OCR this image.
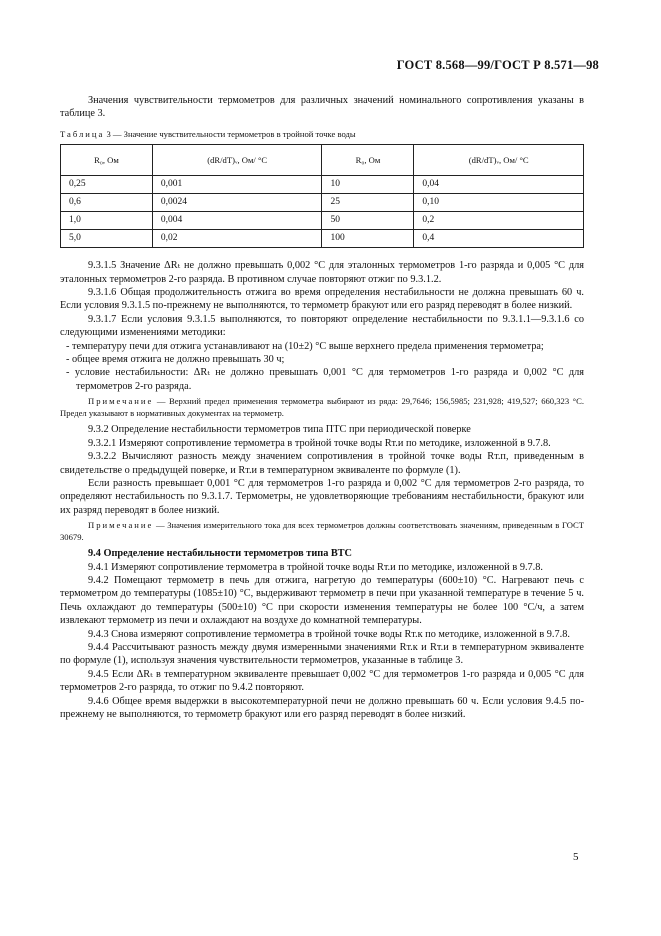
ГОСТ 8.568—99/ГОСТ Р 8.571—98

Значения чувствительности термометров для различных значений номинального сопротивления указаны в таблице 3.

Таблица 3 — Значение чувствительности термометров в тройной точке воды
R₀, Ом	(dR/dT)ᵥ, Ом/ °С	R₀, Ом	(dR/dT)ᵥ, Ом/ °С
0,25	0,001	10	0,04
0,6	0,0024	25	0,10
1,0	0,004	50	0,2
5,0	0,02	100	0,4

9.3.1.5 Значение ΔRₜ не должно превышать 0,002 °С для эталонных термометров 1-го разряда и 0,005 °С для эталонных термометров 2-го разряда. В противном случае повторяют отжиг по 9.3.1.2.

9.3.1.6 Общая продолжительность отжига во время определения нестабильности не должна превышать 60 ч. Если условия 9.3.1.5 по-прежнему не выполняются, то термометр бракуют или его разряд переводят в более низкий.

9.3.1.7 Если условия 9.3.1.5 выполняются, то повторяют определение нестабильности по 9.3.1.1—9.3.1.6 со следующими изменениями методики:

- температуру печи для отжига устанавливают на (10±2) °С выше верхнего предела применения термометра;

- общее время отжига не должно превышать 30 ч;

- условие нестабильности: ΔRₜ не должно превышать 0,001 °С для термометров 1-го разряда и 0,002 °С для термометров 2-го разряда.

Примечание — Верхний предел применения термометра выбирают из ряда: 29,7646; 156,5985; 231,928; 419,527; 660,323 °С. Предел указывают в нормативных документах на термометр.

9.3.2 Определение нестабильности термометров типа ПТС при периодической поверке

9.3.2.1 Измеряют сопротивление термометра в тройной точке воды Rт.и по методике, изложенной в 9.7.8.

9.3.2.2 Вычисляют разность между значением сопротивления в тройной точке воды Rт.п, приведенным в свидетельстве о предыдущей поверке, и Rт.и в температурном эквиваленте по формуле (1).

Если разность превышает 0,001 °С для термометров 1-го разряда и 0,002 °С для термометров 2-го разряда, то определяют нестабильность по 9.3.1.7. Термометры, не удовлетворяющие требованиям нестабильности, бракуют или их разряд переводят в более низкий.

Примечание — Значения измерительного тока для всех термометров должны соответствовать значениям, приведенным в ГОСТ 30679.

9.4 Определение нестабильности термометров типа ВТС

9.4.1 Измеряют сопротивление термометра в тройной точке воды Rт.и по методике, изложенной в 9.7.8.

9.4.2 Помещают термометр в печь для отжига, нагретую до температуры (600±10) °С. Нагревают печь с термометром до температуры (1085±10) °С, выдерживают термометр в печи при указанной температуре в течение 5 ч. Печь охлаждают до температуры (500±10) °С при скорости изменения температуры не более 100 °С/ч, а затем извлекают термометр из печи и охлаждают на воздухе до комнатной температуры.

9.4.3 Снова измеряют сопротивление термометра в тройной точке воды Rт.к по методике, изложенной в 9.7.8.

9.4.4 Рассчитывают разность между двумя измеренными значениями Rт.к и Rт.и в температурном эквиваленте по формуле (1), используя значения чувствительности термометров, указанные в таблице 3.

9.4.5 Если ΔRₜ в температурном эквиваленте превышает 0,002 °С для термометров 1-го разряда и 0,005 °С для термометров 2-го разряда, то отжиг по 9.4.2 повторяют.

9.4.6 Общее время выдержки в высокотемпературной печи не должно превышать 60 ч. Если условия 9.4.5 по-прежнему не выполняются, то термометр бракуют или его разряд переводят в более низкий.

5
